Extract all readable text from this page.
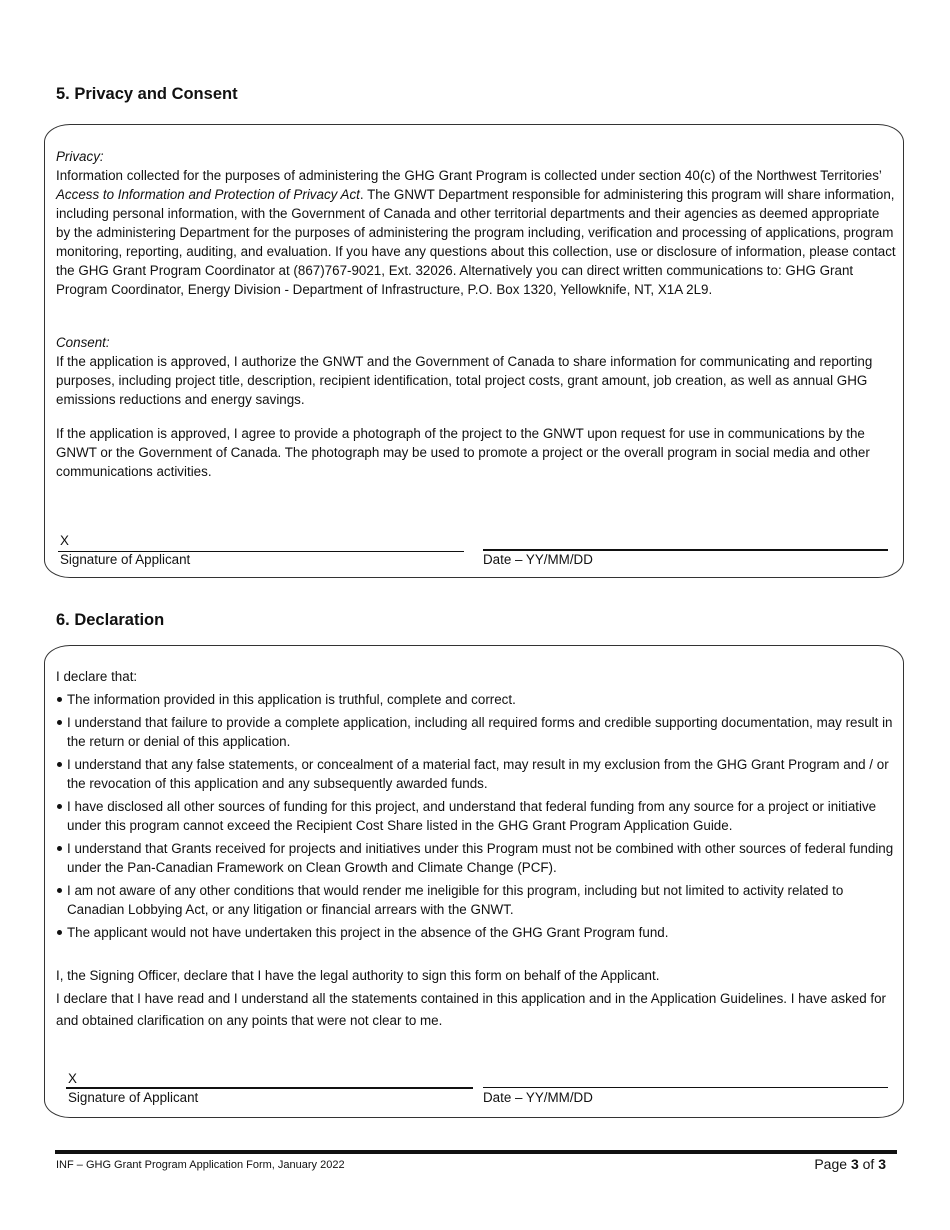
5. Privacy and Consent
Privacy:
Information collected for the purposes of administering the GHG Grant Program is collected under section 40(c) of the Northwest Territories’ Access to Information and Protection of Privacy Act. The GNWT Department responsible for administering this program will share information, including personal information, with the Government of Canada and other territorial departments and their agencies as deemed appropriate by the administering Department for the purposes of administering the program including, verification and processing of applications, program monitoring, reporting, auditing, and evaluation. If you have any questions about this collection, use or disclosure of information, please contact the GHG Grant Program Coordinator at (867)767-9021, Ext. 32026. Alternatively you can direct written communications to: GHG Grant Program Coordinator, Energy Division - Department of Infrastructure, P.O. Box 1320, Yellowknife, NT, X1A 2L9.
Consent:
If the application is approved, I authorize the GNWT and the Government of Canada to share information for communicating and reporting purposes, including project title, description, recipient identification, total project costs, grant amount, job creation, as well as annual GHG emissions reductions and energy savings.
If the application is approved, I agree to provide a photograph of the project to the GNWT upon request for use in communications by the GNWT or the Government of Canada. The photograph may be used to promote a project or the overall program in social media and other communications activities.
X
Signature of Applicant	Date – YY/MM/DD
6. Declaration
I declare that:
The information provided in this application is truthful, complete and correct.
I understand that failure to provide a complete application, including all required forms and credible supporting documentation, may result in the return or denial of this application.
I understand that any false statements, or concealment of a material fact, may result in my exclusion from the GHG Grant Program and / or the revocation of this application and any subsequently awarded funds.
I have disclosed all other sources of funding for this project, and understand that federal funding from any source for a project or initiative under this program cannot exceed the Recipient Cost Share listed in the GHG Grant Program Application Guide.
I understand that Grants received for projects and initiatives under this Program must not be combined with other sources of federal funding under the Pan-Canadian Framework on Clean Growth and Climate Change (PCF).
I am not aware of any other conditions that would render me ineligible for this program, including but not limited to activity related to Canadian Lobbying Act, or any litigation or financial arrears with the GNWT.
The applicant would not have undertaken this project in the absence of the GHG Grant Program fund.
I, the Signing Officer, declare that I have the legal authority to sign this form on behalf of the Applicant.
I declare that I have read and I understand all the statements contained in this application and in the Application Guidelines. I have asked for and obtained clarification on any points that were not clear to me.
X
Signature of Applicant	Date – YY/MM/DD
INF – GHG Grant Program Application Form, January 2022	Page 3 of 3
